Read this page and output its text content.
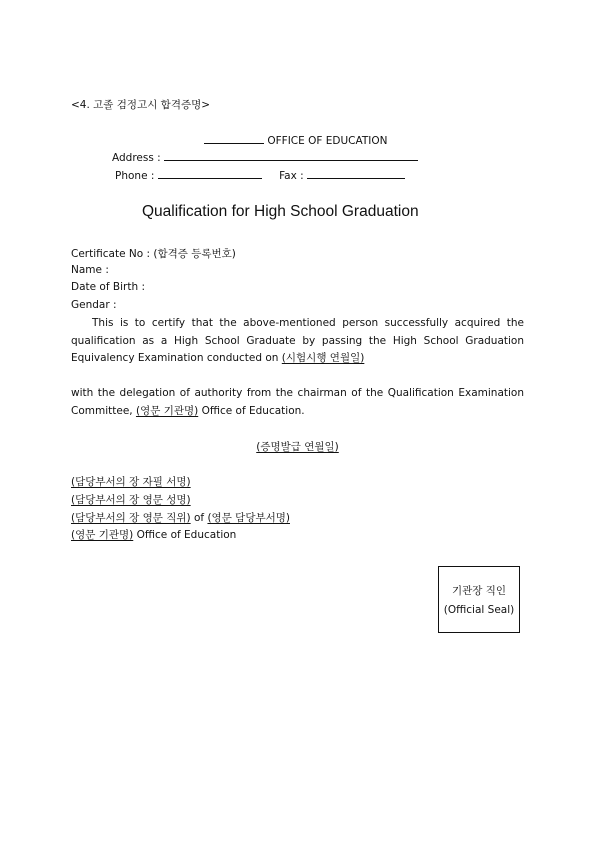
<4. 고졸 검정고시 합격증명>
OFFICE OF EDUCATION
Address :
Phone :	Fax :
Qualification for High School Graduation
Certificate No : (합격증 등록번호)
Name :
Date of Birth :
Gendar :
This is to certify that the above-mentioned person successfully acquired the qualification as a High School Graduate by passing the High School Graduation Equivalency Examination conducted on (시험시행 연월일)
with the delegation of authority from the chairman of the Qualification Examination Committee, (영문 기관명) Office of Education.
(증명발급 연월일)
(담당부서의 장 자필 서명)
(담당부서의 장 영문 성명)
(담당부서의 장 영문 직위) of (영문 담당부서명)
(영문 기관명) Office of Education
기관장 직인
(Official Seal)
